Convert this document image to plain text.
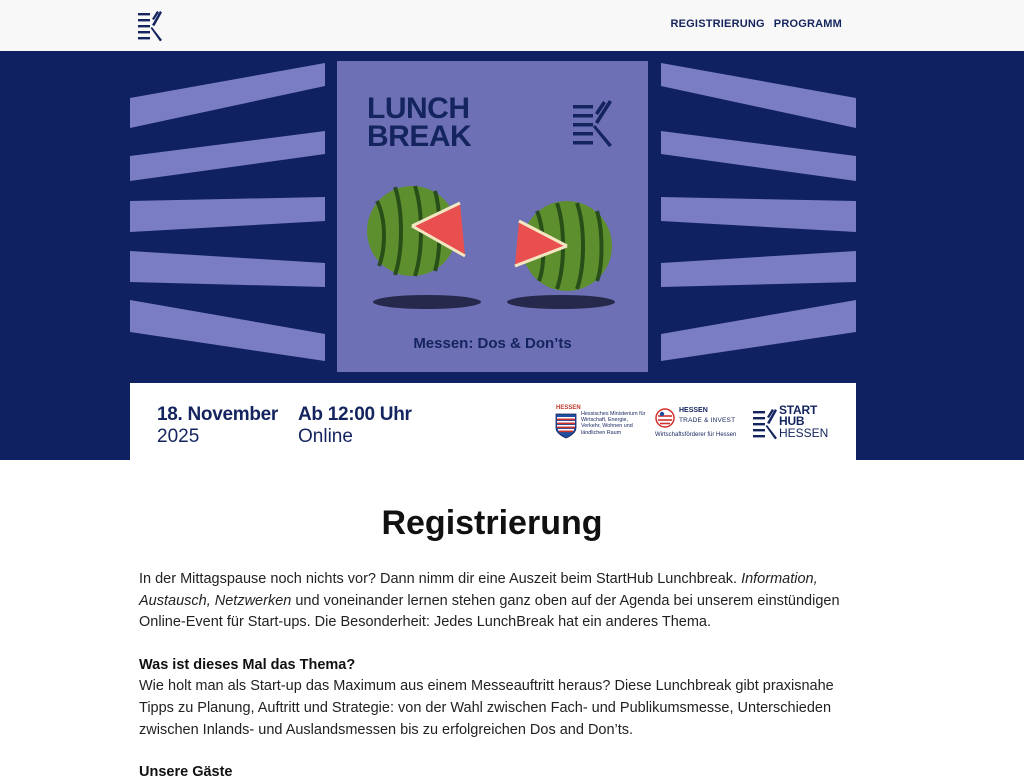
REGISTRIERUNG PROGRAMM
LUNCH
BREAK
Messen: Dos & Don’ts
18. November
2025
Ab 12:00 Uhr
Online
HESSEN
Hessisches Ministerium für Wirtschaft, Energie, Verkehr, Wohnen und ländlichen Raum
HESSEN
TRADE & INVEST
Wirtschaftsförderer für Hessen
START
HUB
HESSEN
Registrierung

In der Mittagspause noch nichts vor? Dann nimm dir eine Auszeit beim StartHub Lunchbreak. Information, Austausch, Netzwerken und voneinander lernen stehen ganz oben auf der Agenda bei unserem einstündigen Online-Event für Start-ups. Die Besonderheit: Jedes LunchBreak hat ein anderes Thema.

Was ist dieses Mal das Thema?
Wie holt man als Start-up das Maximum aus einem Messeauftritt heraus? Diese Lunchbreak gibt praxisnahe Tipps zu Planung, Auftritt und Strategie: von der Wahl zwischen Fach- und Publikumsmesse, Unterschieden zwischen Inlands- und Auslandsmessen bis zu erfolgreichen Dos and Don’ts.
Unsere Gäste
